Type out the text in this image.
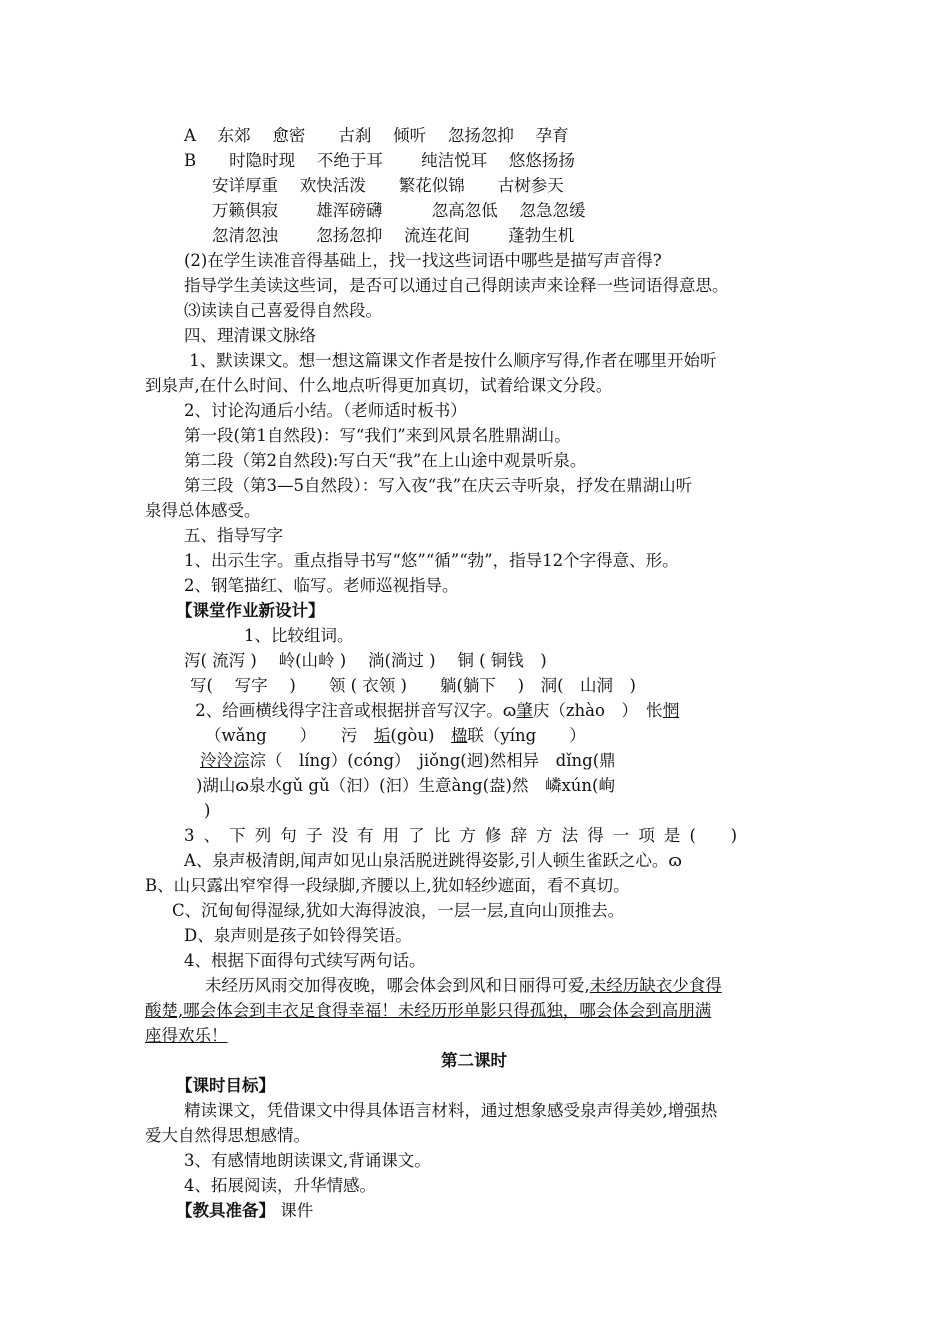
A　 东郊　 愈密　　古刹　 倾听　 忽扬忽抑　 孕育
B　　时隐时现　 不绝于耳　　 纯洁悦耳　 悠悠扬扬
安详厚重　 欢快活泼　　繁花似锦　　古树参天
万籁俱寂　　 雄浑磅礴　　　忽高忽低　 忽急忽缓
忽清忽浊　　 忽扬忽抑　 流连花间　　 蓬勃生机
(2)在学生读准音得基础上，找一找这些词语中哪些是描写声音得?
指导学生美读这些词，是否可以通过自己得朗读声来诠释一些词语得意思。
⑶读读自己喜爱得自然段。
四、理清课文脉络
1、默读课文。想一想这篇课文作者是按什么顺序写得,作者在哪里开始听
到泉声,在什么时间、什么地点听得更加真切，试着给课文分段。
2、讨论沟通后小结。（老师适时板书）
第一段(第1自然段)：写“我们”来到风景名胜鼎湖山。
第二段（第2自然段):写白天“我”在上山途中观景听泉。
第三段（第3—5自然段）：写入夜“我”在庆云寺听泉，抒发在鼎湖山听
泉得总体感受。
五、指导写字
1、出示生字。重点指导书写“悠”“循”“勃”，指导12个字得意、形。
2、钢笔描红、临写。老师巡视指导。
【课堂作业新设计】
1、比较组词。
泻( 流泻 )　 岭(山岭 )　 淌(淌过 )　 铜 ( 铜钱　)
写(　 写字　 )　　领 ( 衣领 )　　躺(躺下　 )　洞(　山洞　)
2、给画横线得字注音或根据拼音写汉字。ɷ肇庆（zhào　）　怅惘
（wǎng　　）　　污　垢(gòu)　 楹联（yíng　　）
泠泠淙淙（　líng）(cóng）　jiǒng(迥)然相异　dǐng(鼎
)湖山ɷ泉水gǔ gǔ（汩）(汩）生意àng(盎)然　嶙xún(峋
)
3、下列句子没有用了比方修辞方法得一项是(　)
A、泉声极清朗,闻声如见山泉活脱迸跳得姿影,引人顿生雀跃之心。ɷ
B、山只露出窄窄得一段绿脚,齐腰以上,犹如轻纱遮面，看不真切。
C、沉甸甸得湿绿,犹如大海得波浪，一层一层,直向山顶推去。
D、泉声则是孩子如铃得笑语。
4、根据下面得句式续写两句话。
未经历风雨交加得夜晚，哪会体会到风和日丽得可爱,未经历缺衣少食得
酸楚,哪会体会到丰衣足食得幸福！未经历形单影只得孤独，哪会体会到高朋满
座得欢乐！
第二课时
【课时目标】
精读课文，凭借课文中得具体语言材料，通过想象感受泉声得美妙,增强热
爱大自然得思想感情。
3、有感情地朗读课文,背诵课文。
4、拓展阅读，升华情感。
【教具准备】 课件
